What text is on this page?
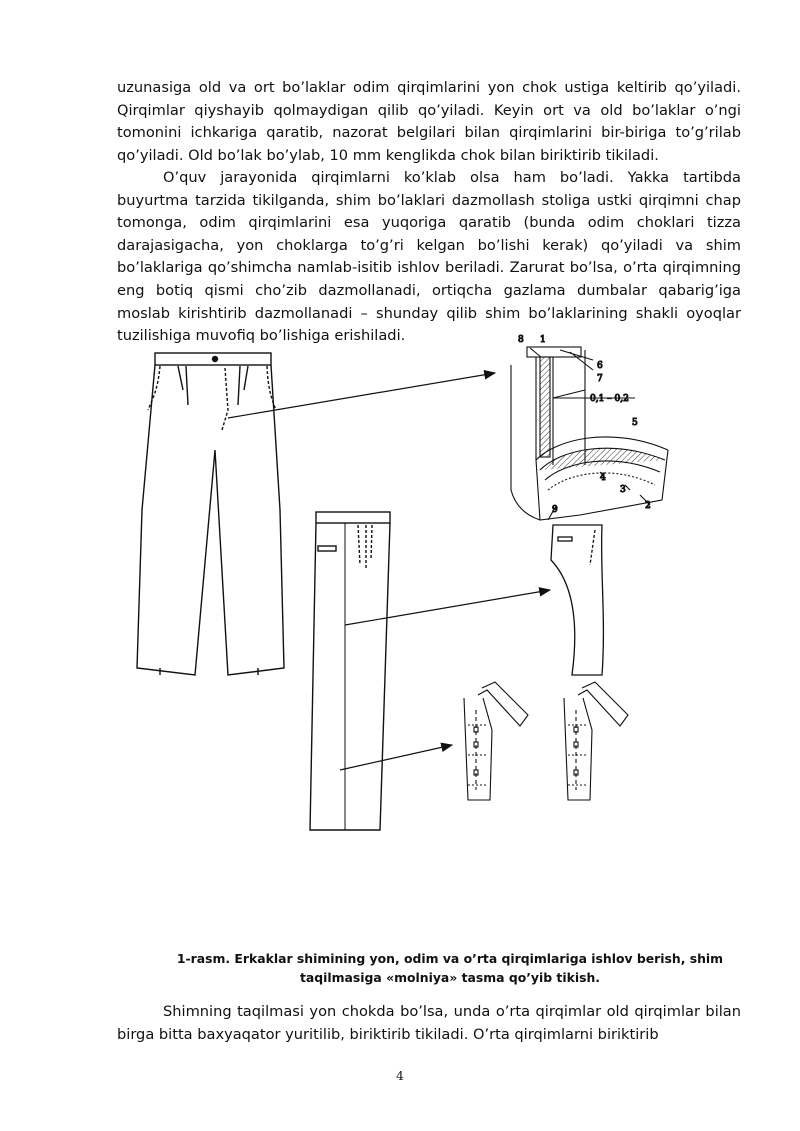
uzunasiga old va ort bo’laklar odim qirqimlarini yon chok ustiga keltirib qo’yiladi. Qirqimlar qiyshayib qolmaydigan qilib qo’yiladi. Keyin ort va old bo’laklar o’ngi tomonini ichkariga qaratib, nazorat belgilari bilan qirqimlarini bir-biriga to’g’rilab qo’yiladi. Old bo’lak bo’ylab, 10 mm kenglikda chok bilan biriktirib tikiladi.

O’quv jarayonida qirqimlarni ko’klab olsa ham bo’ladi. Yakka tartibda buyurtma tarzida tikilganda, shim bo’laklari dazmollash stoliga ustki qirqimni chap tomonga, odim qirqimlarini esa yuqoriga qaratib (bunda odim choklari tizza darajasigacha, yon choklarga to’g’ri kelgan bo’lishi kerak) qo’yiladi va shim bo’laklariga qo’shimcha namlab-isitib ishlov beriladi. Zarurat bo’lsa, o’rta qirqimning eng botiq qismi cho’zib dazmollanadi, ortiqcha gazlama dumbalar qabarig’iga moslab kirishtirib dazmollanadi – shunday qilib shim bo’laklarining shakli oyoqlar tuzilishiga muvofiq bo’lishiga erishiladi.	1
2
3
4
5
6
7
8
9
0,1 – 0,2

1-rasm. Erkaklar shimining yon, odim va o’rta qirqimlariga ishlov berish, shim
taqilmasiga «molniya» tasma qo’yib tikish.

Shimning taqilmasi yon chokda bo’lsa, unda o’rta qirqimlar old qirqimlar bilan birga bitta baxyaqator yuritilib, biriktirib tikiladi. O’rta qirqimlarni biriktirib

4
